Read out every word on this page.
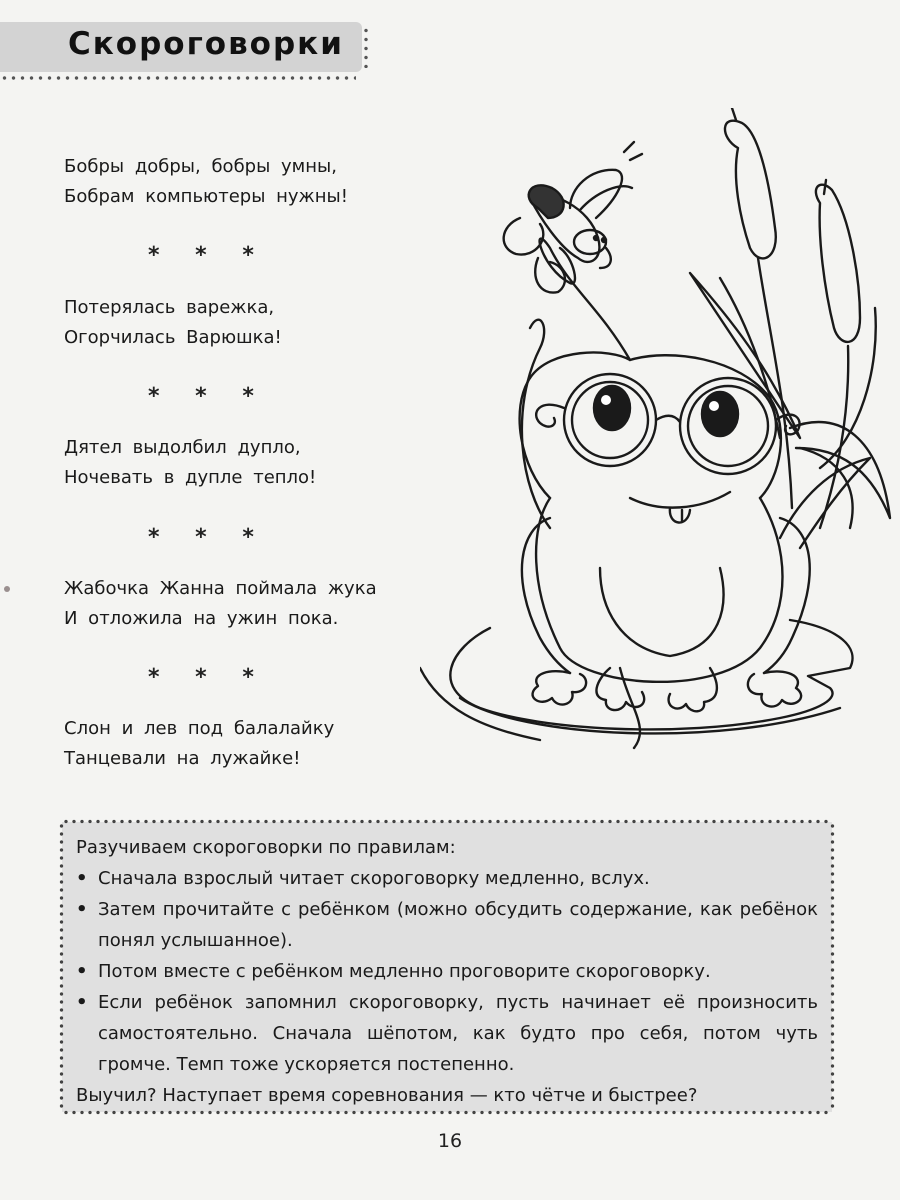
Скороговорки
Бобры добры, бобры умны,
Бобрам компьютеры нужны!
* * *
Потерялась варежка,
Огорчилась Варюшка!
* * *
Дятел выдолбил дупло,
Ночевать в дупле тепло!
* * *
Жабочка Жанна поймала жука
И отложила на ужин пока.
* * *
Слон и лев под балалайку
Танцевали на лужайке!
Разучиваем скороговорки по правилам:
• Сначала взрослый читает скороговорку медленно, вслух.
• Затем прочитайте с ребёнком (можно обсудить содержание, как ребёнок понял услышанное).
• Потом вместе с ребёнком медленно проговорите скороговорку.
• Если ребёнок запомнил скороговорку, пусть начинает её произносить самостоятельно. Сначала шёпотом, как будто про себя, потом чуть громче. Темп тоже ускоряется постепенно.
Выучил? Наступает время соревнования — кто чётче и быстрее?
16
